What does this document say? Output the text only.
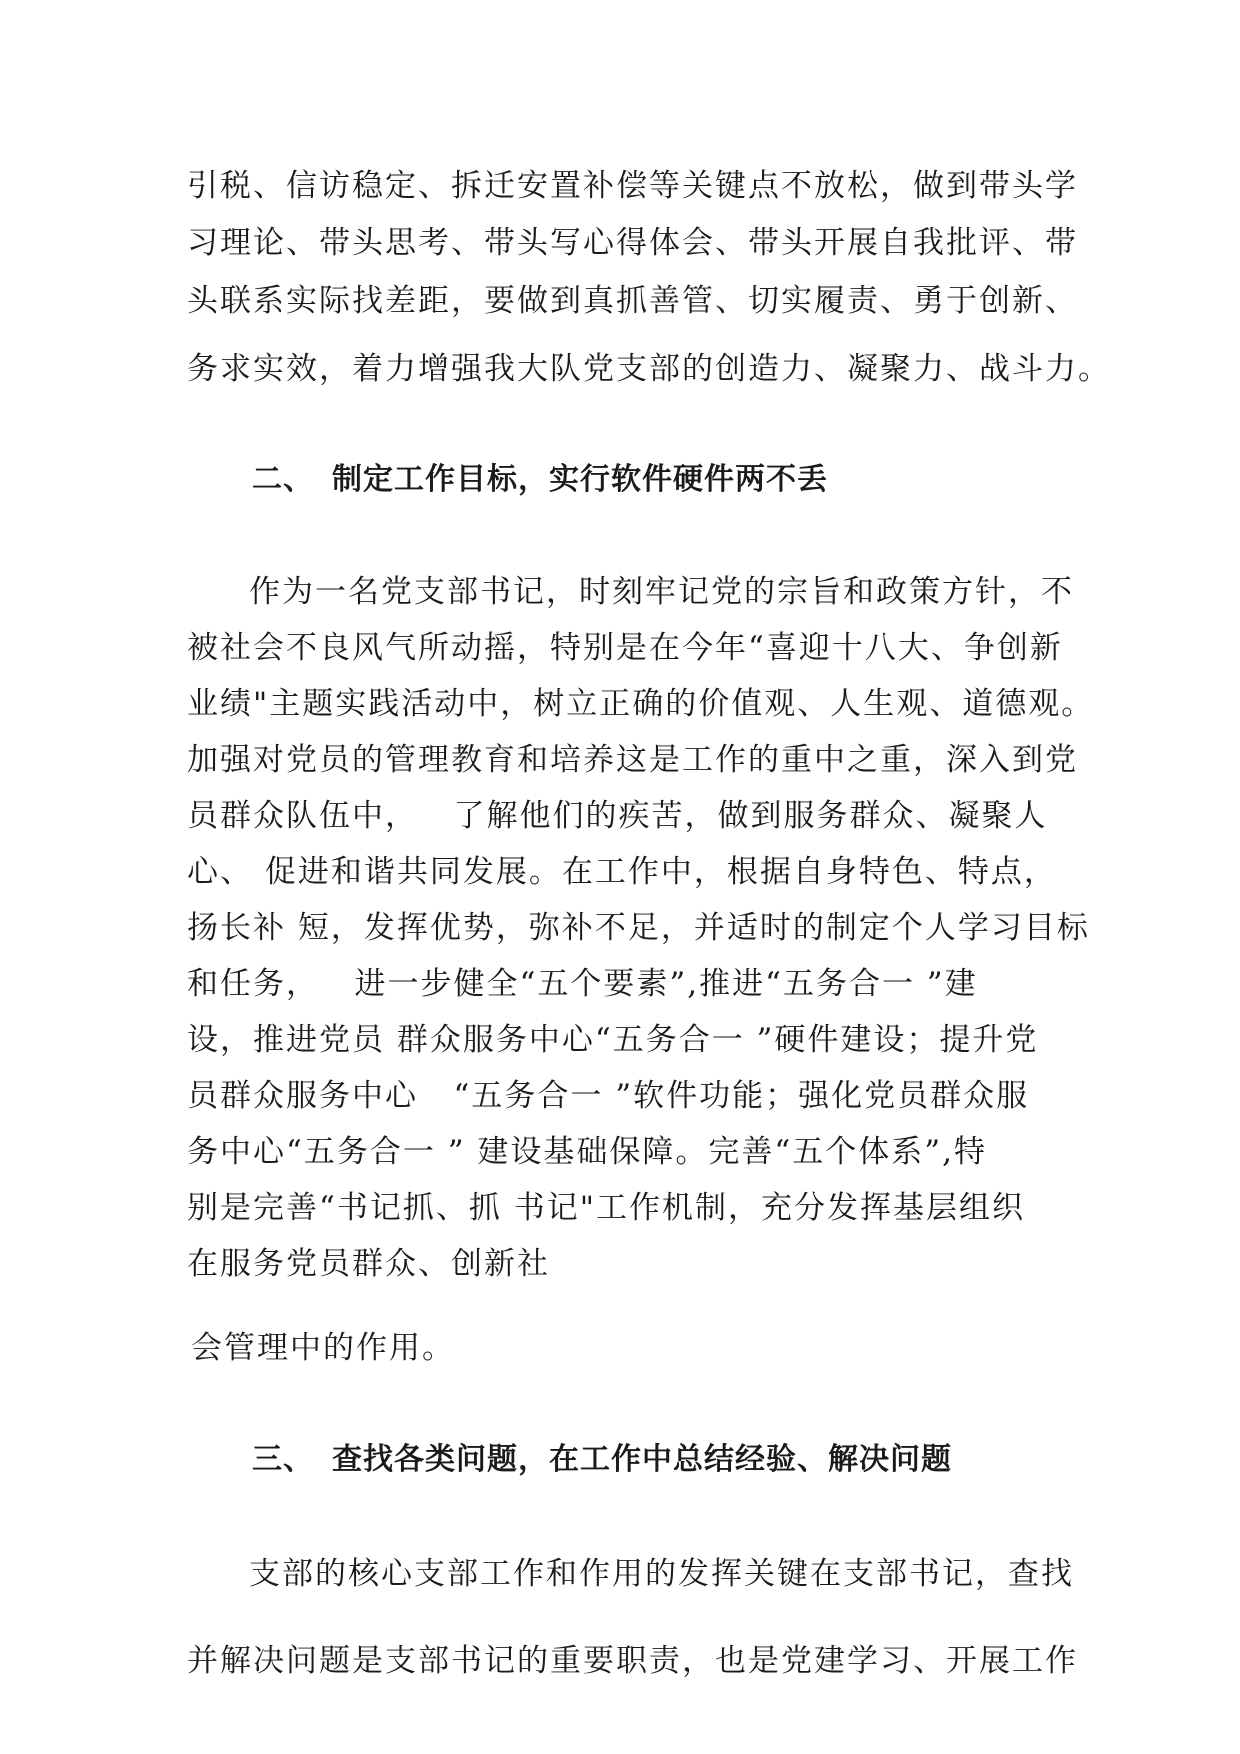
引税、信访稳定、拆迁安置补偿等关键点不放松，做到带头学

习理论、带头思考、带头写心得体会、带头开展自我批评、带

头联系实际找差距，要做到真抓善管、切实履责、勇于创新、

务求实效，着力增强我大队党支部的创造力、凝聚力、战斗力。

二、

制定工作目标，实行软件硬件两不丢

作为一名党支部书记，时刻牢记党的宗旨和政策方针，不

被社会不良风气所动摇，特别是在今年“喜迎十八大、争创新

业绩"主题实践活动中，树立正确的价值观、人生观、道德观。

加强对党员的管理教育和培养这是工作的重中之重，深入到党

员群众队伍中，   了解他们的疾苦，做到服务群众、凝聚人

心、 促进和谐共同发展。在工作中，根据自身特色、特点，

扬长补 短，发挥优势，弥补不足，并适时的制定个人学习目标

和任务，   进一步健全“五个要素”,推进“五务合一 ”建

设，推进党员 群众服务中心“五务合一 ”硬件建设；提升党

员群众服务中心   “五务合一 ”软件功能；强化党员群众服

务中心“五务合一 ” 建设基础保障。完善“五个体系”,特

别是完善“书记抓、抓 书记"工作机制，充分发挥基层组织

在服务党员群众、创新社

会管理中的作用。

三、

查找各类问题，在工作中总结经验、解决问题

支部的核心支部工作和作用的发挥关键在支部书记，查找

并解决问题是支部书记的重要职责，也是党建学习、开展工作
